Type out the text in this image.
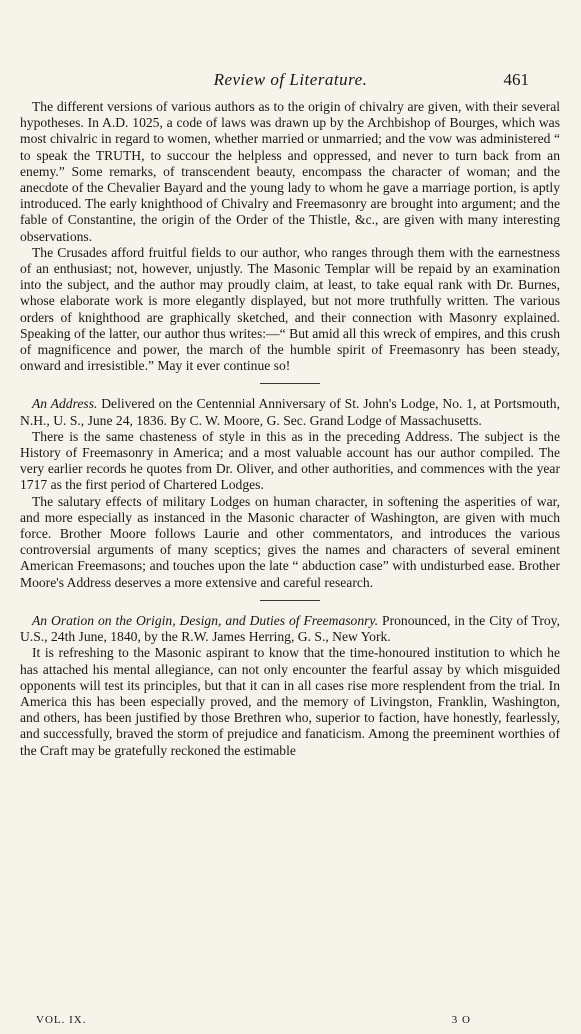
Review of Literature.	461

The different versions of various authors as to the origin of chivalry are given, with their several hypotheses. In A.D. 1025, a code of laws was drawn up by the Archbishop of Bourges, which was most chivalric in regard to women, whether married or unmarried; and the vow was administered “ to speak the TRUTH, to succour the helpless and oppressed, and never to turn back from an enemy.” Some remarks, of transcendent beauty, encompass the character of woman; and the anecdote of the Chevalier Bayard and the young lady to whom he gave a marriage portion, is aptly introduced. The early knighthood of Chivalry and Freemasonry are brought into argument; and the fable of Constantine, the origin of the Order of the Thistle, &c., are given with many interesting observations.

The Crusades afford fruitful fields to our author, who ranges through them with the earnestness of an enthusiast; not, however, unjustly. The Masonic Templar will be repaid by an examination into the subject, and the author may proudly claim, at least, to take equal rank with Dr. Burnes, whose elaborate work is more elegantly displayed, but not more truthfully written. The various orders of knighthood are graphically sketched, and their connection with Masonry explained. Speaking of the latter, our author thus writes:—“ But amid all this wreck of empires, and this crush of magnificence and power, the march of the humble spirit of Freemasonry has been steady, onward and irresistible.” May it ever continue so!

An Address. Delivered on the Centennial Anniversary of St. John's Lodge, No. 1, at Portsmouth, N.H., U. S., June 24, 1836. By C. W. Moore, G. Sec. Grand Lodge of Massachusetts.

There is the same chasteness of style in this as in the preceding Address. The subject is the History of Freemasonry in America; and a most valuable account has our author compiled. The very earlier records he quotes from Dr. Oliver, and other authorities, and commences with the year 1717 as the first period of Chartered Lodges.

The salutary effects of military Lodges on human character, in softening the asperities of war, and more especially as instanced in the Masonic character of Washington, are given with much force. Brother Moore follows Laurie and other commentators, and introduces the various controversial arguments of many sceptics; gives the names and characters of several eminent American Freemasons; and touches upon the late “ abduction case” with undisturbed ease. Brother Moore's Address deserves a more extensive and careful research.

An Oration on the Origin, Design, and Duties of Freemasonry. Pronounced, in the City of Troy, U.S., 24th June, 1840, by the R.W. James Herring, G. S., New York.

It is refreshing to the Masonic aspirant to know that the time-honoured institution to which he has attached his mental allegiance, can not only encounter the fearful assay by which misguided opponents will test its principles, but that it can in all cases rise more resplendent from the trial. In America this has been especially proved, and the memory of Livingston, Franklin, Washington, and others, has been justified by those Brethren who, superior to faction, have honestly, fearlessly, and successfully, braved the storm of prejudice and fanaticism. Among the preeminent worthies of the Craft may be gratefully reckoned the estimable

VOL. IX.	3 O
